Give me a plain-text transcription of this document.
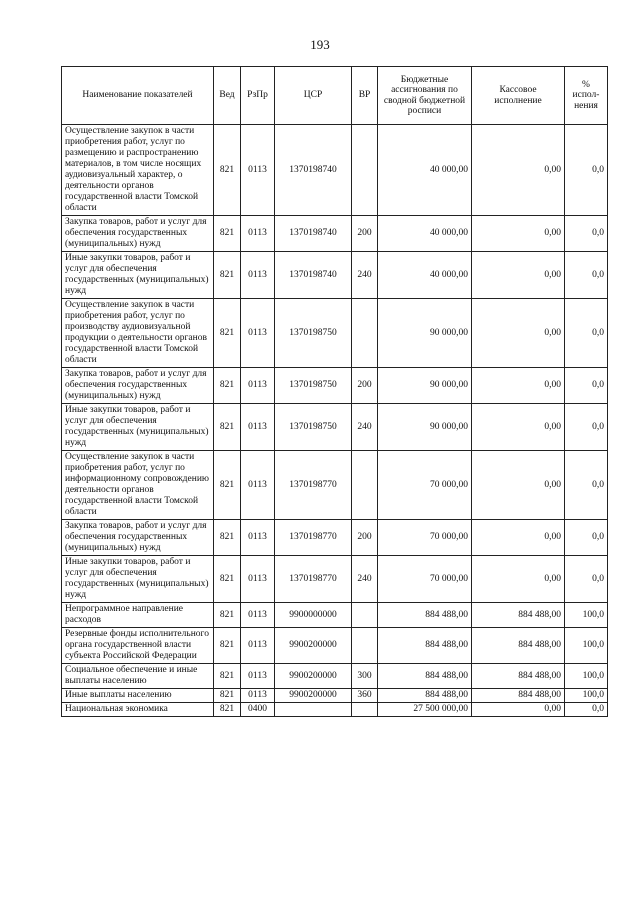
193
Наименование показателей	Вед	РзПр	ЦСР	ВР	Бюджетные ассигнования по сводной бюджетной росписи	Кассовое исполнение	% испол-нения
Осуществление закупок в части приобретения работ, услуг по размещению и распространению материалов, в том числе носящих аудиовизуальный характер, о деятельности органов государственной власти Томской области	821	0113	1370198740		40 000,00	0,00	0,0
Закупка товаров, работ и услуг для обеспечения государственных (муниципальных) нужд	821	0113	1370198740	200	40 000,00	0,00	0,0
Иные закупки товаров, работ и услуг для обеспечения государственных (муниципальных) нужд	821	0113	1370198740	240	40 000,00	0,00	0,0
Осуществление закупок в части приобретения работ, услуг по производству аудиовизуальной продукции о деятельности органов государственной власти Томской области	821	0113	1370198750		90 000,00	0,00	0,0
Закупка товаров, работ и услуг для обеспечения государственных (муниципальных) нужд	821	0113	1370198750	200	90 000,00	0,00	0,0
Иные закупки товаров, работ и услуг для обеспечения государственных (муниципальных) нужд	821	0113	1370198750	240	90 000,00	0,00	0,0
Осуществление закупок в части приобретения работ, услуг по информационному сопровождению деятельности органов государственной власти Томской области	821	0113	1370198770		70 000,00	0,00	0,0
Закупка товаров, работ и услуг для обеспечения государственных (муниципальных) нужд	821	0113	1370198770	200	70 000,00	0,00	0,0
Иные закупки товаров, работ и услуг для обеспечения государственных (муниципальных) нужд	821	0113	1370198770	240	70 000,00	0,00	0,0
Непрограммное направление расходов	821	0113	9900000000		884 488,00	884 488,00	100,0
Резервные фонды исполнительного органа государственной власти субъекта Российской Федерации	821	0113	9900200000		884 488,00	884 488,00	100,0
Социальное обеспечение и иные выплаты населению	821	0113	9900200000	300	884 488,00	884 488,00	100,0
Иные выплаты населению	821	0113	9900200000	360	884 488,00	884 488,00	100,0
Национальная экономика	821	0400			27 500 000,00	0,00	0,0
